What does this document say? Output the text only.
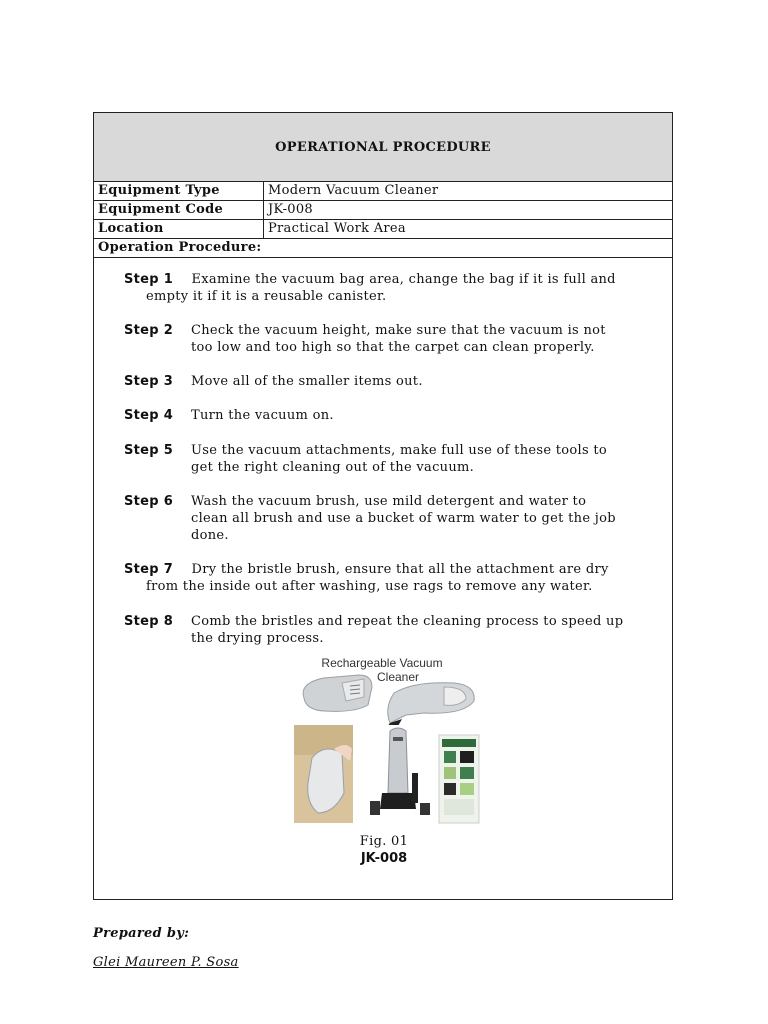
OPERATIONAL PROCEDURE
Equipment Type	Modern Vacuum Cleaner
Equipment Code	JK-008
Location	Practical Work Area
Operation Procedure:
Step 1 Examine the vacuum bag area, change the bag if it is full and
empty it if it is a reusable canister.
Step 2 Check the vacuum height, make sure that the vacuum is not
too low and too high so that the carpet can clean properly.
Step 3 Move all of the smaller items out.
Step 4 Turn the vacuum on.
Step 5 Use the vacuum attachments, make full use of these tools to
get the right cleaning out of the vacuum.
Step 6 Wash the vacuum brush, use mild detergent and water to
clean all brush and use a bucket of warm water to get the job
done.
Step 7 Dry the bristle brush, ensure that all the attachment are dry
from the inside out after washing, use rags to remove any water.
Step 8 Comb the bristles and repeat the cleaning process to speed up
the drying process.
Rechargeable Vacuum
Cleaner
Fig. 01
JK-008
Prepared by:
Glei Maureen P. Sosa
